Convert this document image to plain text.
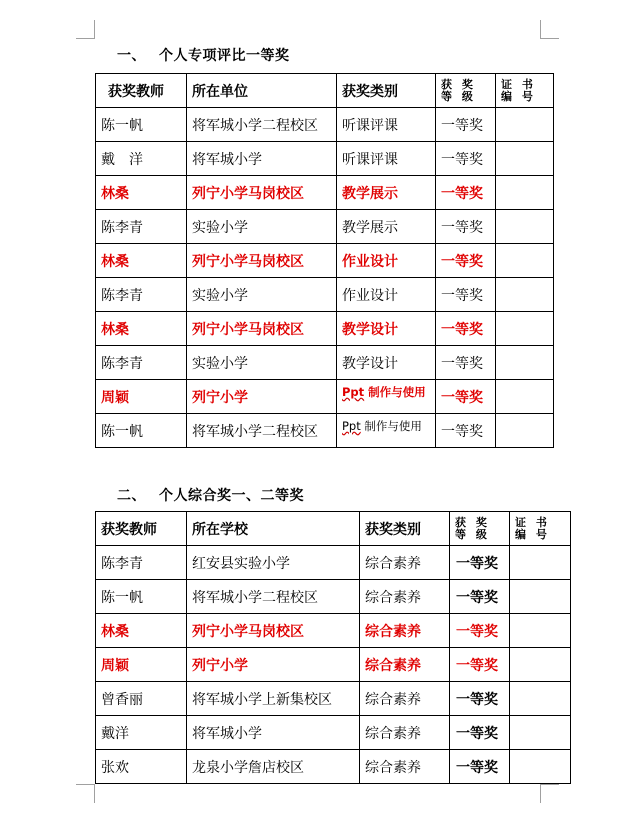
一、 个人专项评比一等奖
获奖教师	所在单位	获奖类别	获 奖 等 级	证 书 编 号
陈一帆	将军城小学二程校区	听课评课	一等奖	
戴　洋	将军城小学	听课评课	一等奖	
林桑	列宁小学马岗校区	教学展示	一等奖	
陈李青	实验小学	教学展示	一等奖	
林桑	列宁小学马岗校区	作业设计	一等奖	
陈李青	实验小学	作业设计	一等奖	
林桑	列宁小学马岗校区	教学设计	一等奖	
陈李青	实验小学	教学设计	一等奖	
周颖	列宁小学	Ppt 制作与使用	一等奖	
陈一帆	将军城小学二程校区	Ppt 制作与使用	一等奖	
二、 个人综合奖一、二等奖
获奖教师	所在学校	获奖类别	获 奖 等 级	证 书 编 号
陈李青	红安县实验小学	综合素养	一等奖	
陈一帆	将军城小学二程校区	综合素养	一等奖	
林桑	列宁小学马岗校区	综合素养	一等奖	
周颖	列宁小学	综合素养	一等奖	
曾香丽	将军城小学上新集校区	综合素养	一等奖	
戴洋	将军城小学	综合素养	一等奖	
张欢	龙泉小学詹店校区	综合素养	一等奖	
